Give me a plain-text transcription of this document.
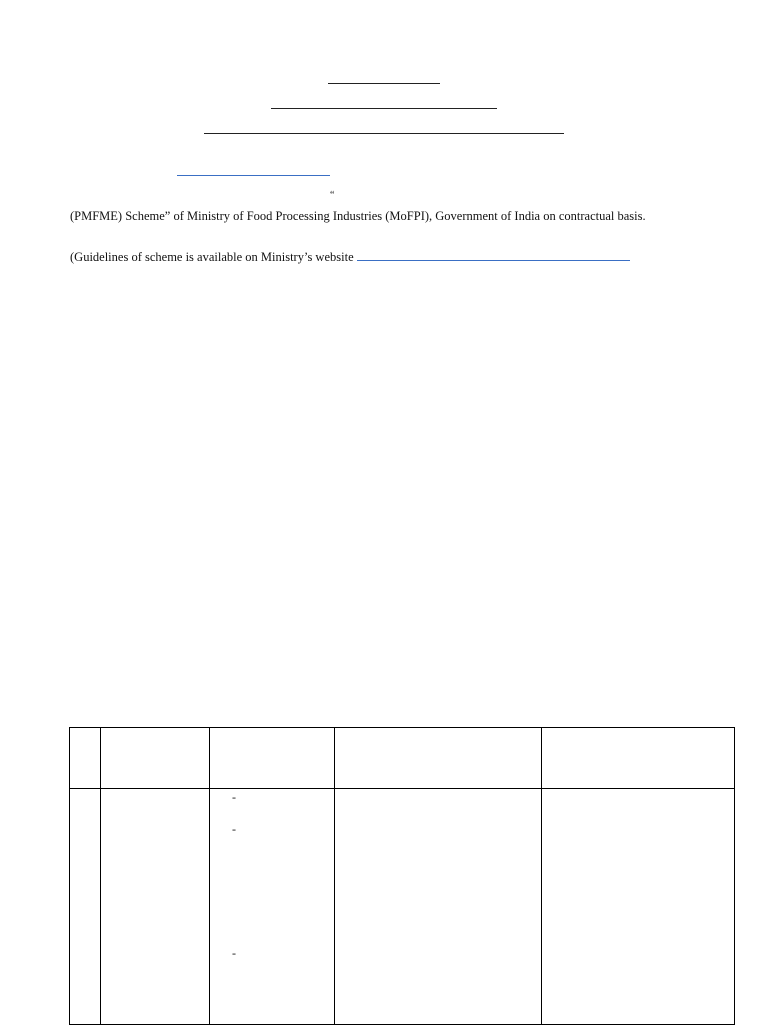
“
(PMFME) Scheme” of Ministry of Food Processing Industries (MoFPI), Government of India on contractual basis.
(Guidelines of scheme is available on Ministry’s website

		-
-
-		
